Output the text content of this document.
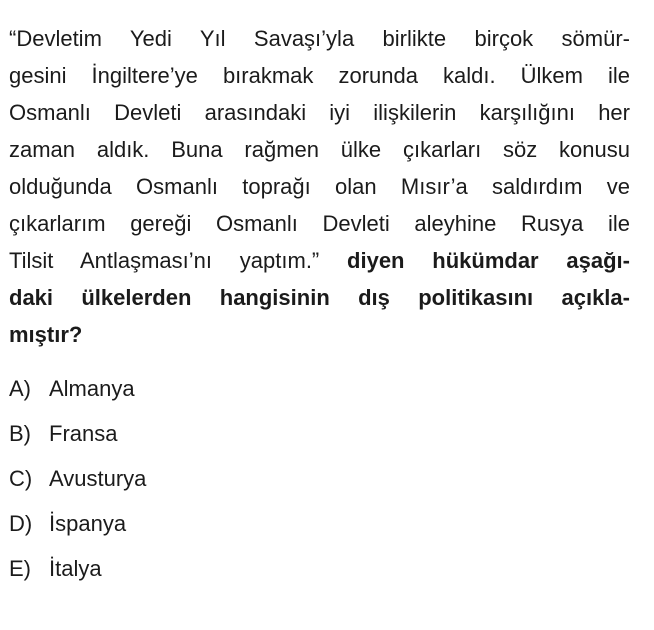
“Devletim Yedi Yıl Savaşı’yla birlikte birçok sömür-
gesini İngiltere’ye bırakmak zorunda kaldı. Ülkem ile
Osmanlı Devleti arasındaki iyi ilişkilerin karşılığını her
zaman aldık. Buna rağmen ülke çıkarları söz konusu
olduğunda Osmanlı toprağı olan Mısır’a saldırdım ve
çıkarlarım gereği Osmanlı Devleti aleyhine Rusya ile
Tilsit Antlaşması’nı yaptım.” diyen hükümdar aşağı-
daki ülkelerden hangisinin dış politikasını açıkla-
mıştır?
A) Almanya
B) Fransa
C) Avusturya
D) İspanya
E) İtalya
